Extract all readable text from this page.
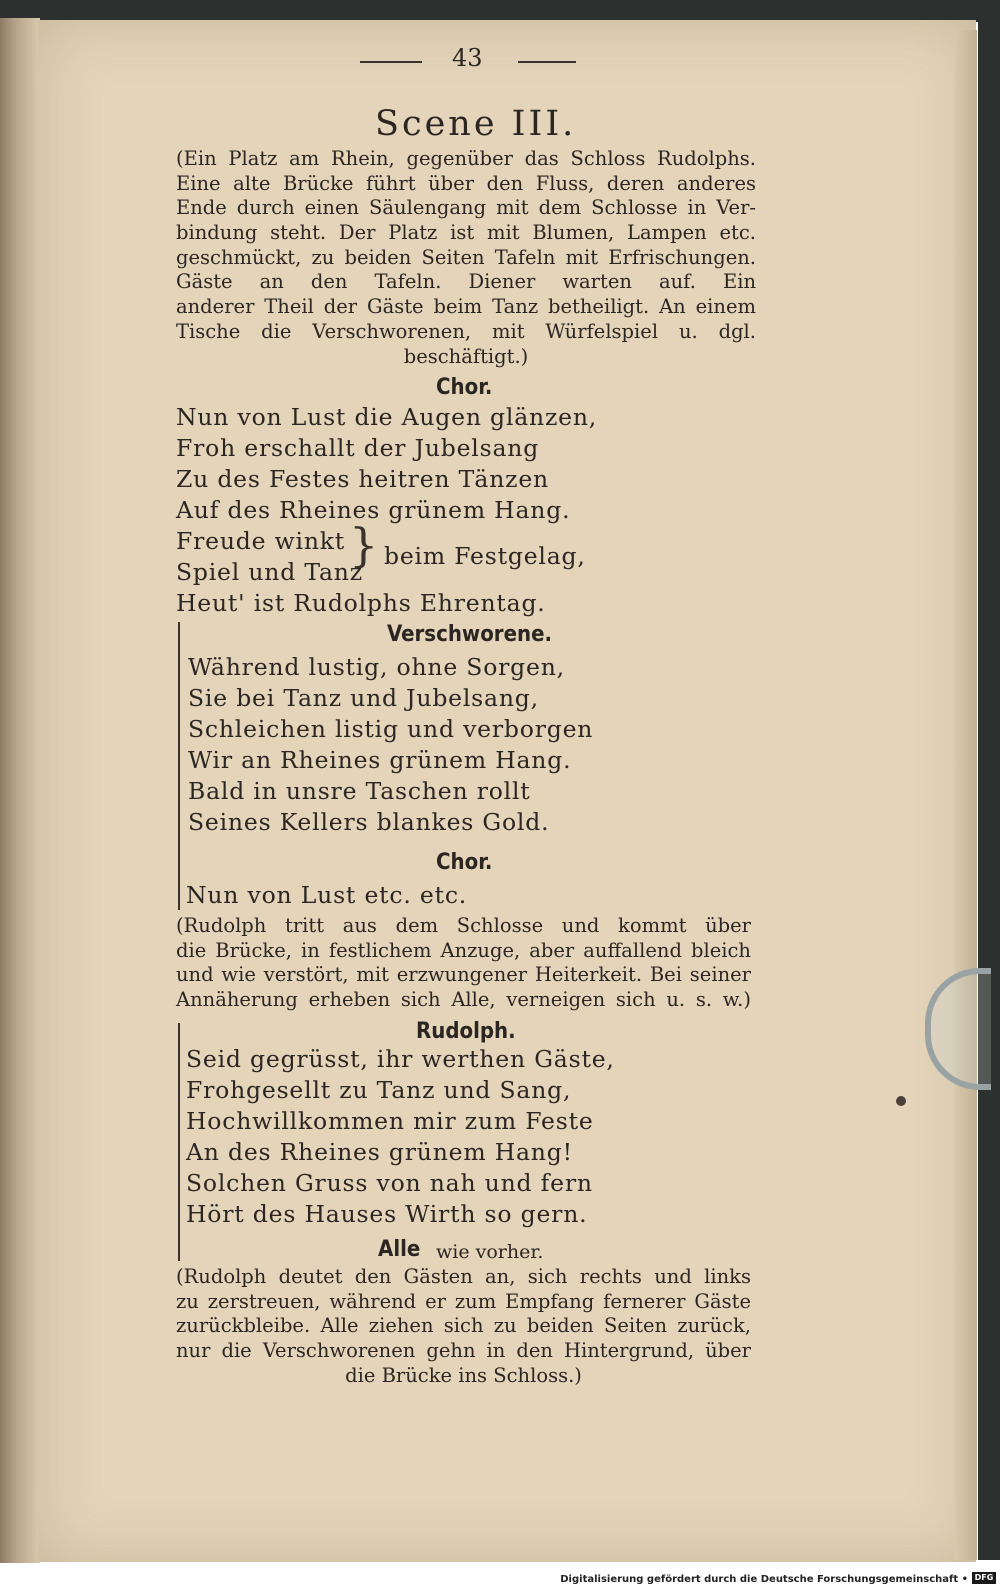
43
Scene III.
(Ein Platz am Rhein, gegenüber das Schloss Rudolphs.
Eine alte Brücke führt über den Fluss, deren anderes
Ende durch einen Säulengang mit dem Schlosse in Ver-
bindung steht. Der Platz ist mit Blumen, Lampen etc.
geschmückt, zu beiden Seiten Tafeln mit Erfrischungen.
Gäste an den Tafeln. Diener warten auf. Ein
anderer Theil der Gäste beim Tanz betheiligt. An einem
Tische die Verschworenen, mit Würfelspiel u. dgl.
beschäftigt.)
Chor.
Nun von Lust die Augen glänzen,
Froh erschallt der Jubelsang
Zu des Festes heitren Tänzen
Auf des Rheines grünem Hang.
Freude winkt
Spiel und Tanz
} beim Festgelag,
Heut' ist Rudolphs Ehrentag.
Verschworene.
Während lustig, ohne Sorgen,
Sie bei Tanz und Jubelsang,
Schleichen listig und verborgen
Wir an Rheines grünem Hang.
Bald in unsre Taschen rollt
Seines Kellers blankes Gold.
Chor.
Nun von Lust etc. etc.
(Rudolph tritt aus dem Schlosse und kommt über
die Brücke, in festlichem Anzuge, aber auffallend bleich
und wie verstört, mit erzwungener Heiterkeit. Bei seiner
Annäherung erheben sich Alle, verneigen sich u. s. w.)
Rudolph.
Seid gegrüsst, ihr werthen Gäste,
Frohgesellt zu Tanz und Sang,
Hochwillkommen mir zum Feste
An des Rheines grünem Hang!
Solchen Gruss von nah und fern
Hört des Hauses Wirth so gern.
Alle wie vorher.
(Rudolph deutet den Gästen an, sich rechts und links
zu zerstreuen, während er zum Empfang fernerer Gäste
zurückbleibe. Alle ziehen sich zu beiden Seiten zurück,
nur die Verschworenen gehn in den Hintergrund, über
die Brücke ins Schloss.)
Digitalisierung gefördert durch die Deutsche Forschungsgemeinschaft • DFG
